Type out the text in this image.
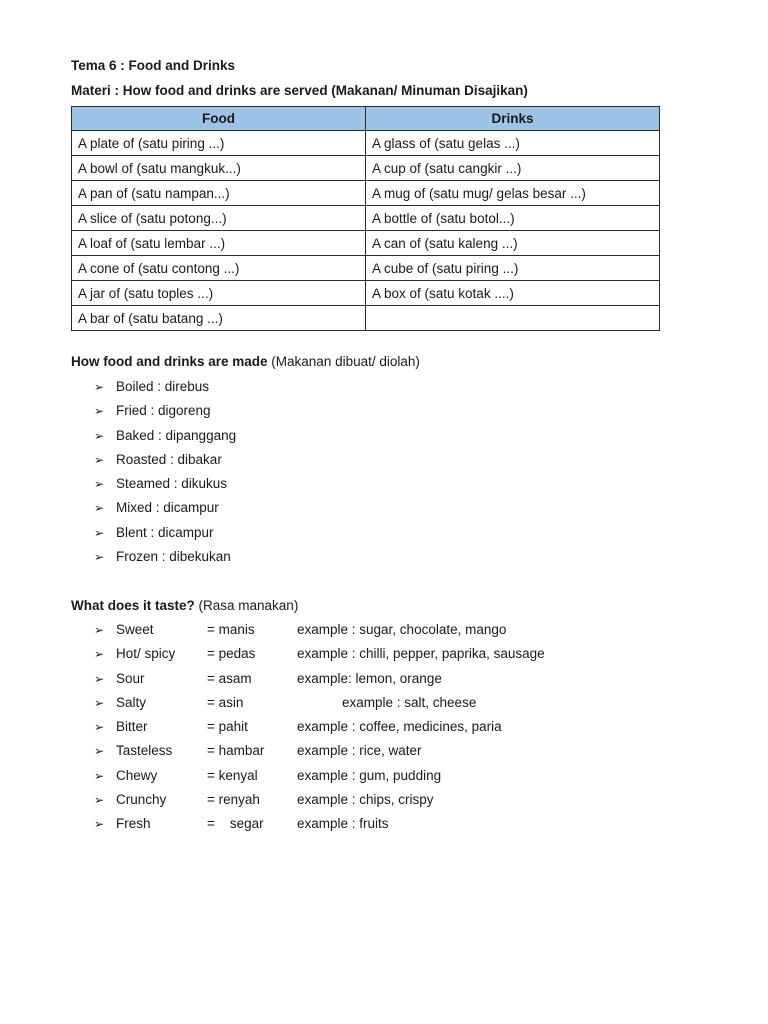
Tema 6 : Food and Drinks
Materi : How food and drinks are served (Makanan/ Minuman Disajikan)
Food	Drinks
A plate of (satu piring ...)	A glass of (satu gelas ...)
A bowl of (satu mangkuk...)	A cup of (satu cangkir ...)
A pan of (satu nampan...)	A mug of (satu mug/ gelas besar ...)
A slice of (satu potong...)	A bottle of (satu botol...)
A loaf of (satu lembar ...)	A can of (satu kaleng ...)
A cone of (satu contong ...)	A cube of (satu piring ...)
A jar of (satu toples ...)	A box of (satu kotak ....)
A bar of (satu batang ...)	
How food and drinks are made (Makanan dibuat/ diolah)
➢ Boiled : direbus
➢ Fried : digoreng
➢ Baked : dipanggang
➢ Roasted : dibakar
➢ Steamed : dikukus
➢ Mixed : dicampur
➢ Blent : dicampur
➢ Frozen : dibekukan
What does it taste? (Rasa manakan)
➢ Sweet	= manis	example : sugar, chocolate, mango
➢ Hot/ spicy = pedas	example : chilli, pepper, paprika, sausage
➢ Sour	= asam	example: lemon, orange
➢ Salty	= asin	example : salt, cheese
➢ Bitter	= pahit	example : coffee, medicines, paria
➢ Tasteless	= hambar example : rice, water
➢ Chewy	= kenyal	example : gum, pudding
➢ Crunchy	= renyah	example : chips, crispy
➢ Fresh	=    segar example : fruits
